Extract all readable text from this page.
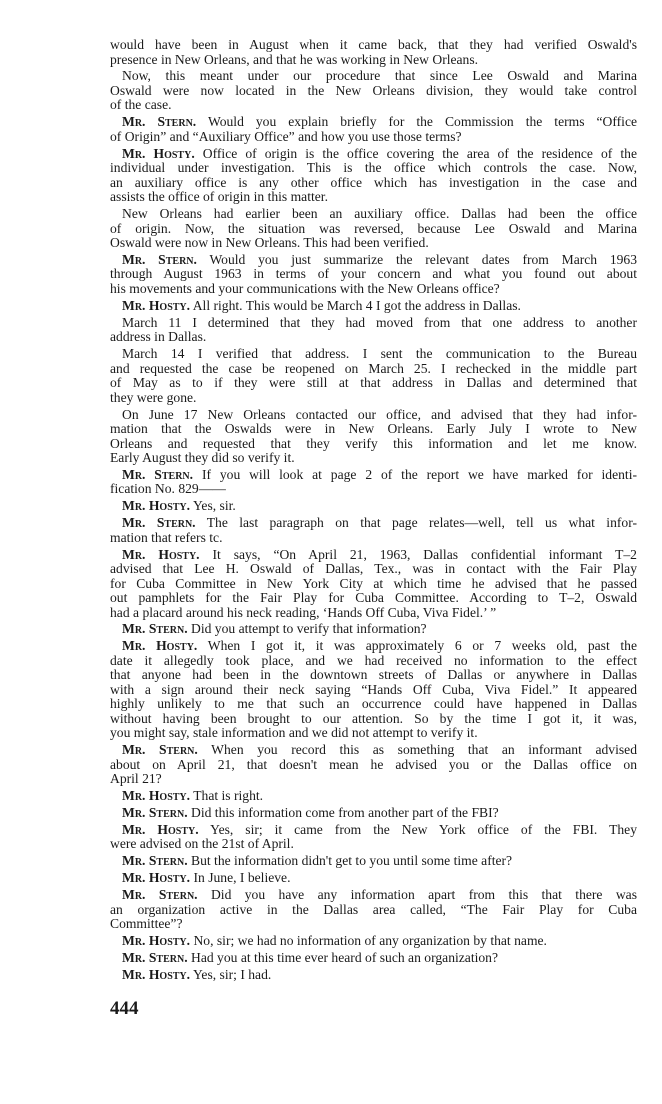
would have been in August when it came back, that they had verified Oswald's
presence in New Orleans, and that he was working in New Orleans.
Now, this meant under our procedure that since Lee Oswald and Marina
Oswald were now located in the New Orleans division, they would take control
of the case.
Mr. Stern. Would you explain briefly for the Commission the terms “Office
of Origin” and “Auxiliary Office” and how you use those terms?
Mr. Hosty. Office of origin is the office covering the area of the residence of the
individual under investigation. This is the office which controls the case. Now,
an auxiliary office is any other office which has investigation in the case and
assists the office of origin in this matter.
New Orleans had earlier been an auxiliary office. Dallas had been the office
of origin. Now, the situation was reversed, because Lee Oswald and Marina
Oswald were now in New Orleans. This had been verified.
Mr. Stern. Would you just summarize the relevant dates from March 1963
through August 1963 in terms of your concern and what you found out about
his movements and your communications with the New Orleans office?
Mr. Hosty. All right. This would be March 4 I got the address in Dallas.
March 11 I determined that they had moved from that one address to another
address in Dallas.
March 14 I verified that address. I sent the communication to the Bureau
and requested the case be reopened on March 25. I rechecked in the middle part
of May as to if they were still at that address in Dallas and determined that
they were gone.
On June 17 New Orleans contacted our office, and advised that they had infor-
mation that the Oswalds were in New Orleans. Early July I wrote to New
Orleans and requested that they verify this information and let me know.
Early August they did so verify it.
Mr. Stern. If you will look at page 2 of the report we have marked for identi-
fication No. 829——
Mr. Hosty. Yes, sir.
Mr. Stern. The last paragraph on that page relates—well, tell us what infor-
mation that refers tc.
Mr. Hosty. It says, “On April 21, 1963, Dallas confidential informant T–2
advised that Lee H. Oswald of Dallas, Tex., was in contact with the Fair Play
for Cuba Committee in New York City at which time he advised that he passed
out pamphlets for the Fair Play for Cuba Committee. According to T–2, Oswald
had a placard around his neck reading, ‘Hands Off Cuba, Viva Fidel.’ ”
Mr. Stern. Did you attempt to verify that information?
Mr. Hosty. When I got it, it was approximately 6 or 7 weeks old, past the
date it allegedly took place, and we had received no information to the effect
that anyone had been in the downtown streets of Dallas or anywhere in Dallas
with a sign around their neck saying “Hands Off Cuba, Viva Fidel.” It appeared
highly unlikely to me that such an occurrence could have happened in Dallas
without having been brought to our attention. So by the time I got it, it was,
you might say, stale information and we did not attempt to verify it.
Mr. Stern. When you record this as something that an informant advised
about on April 21, that doesn't mean he advised you or the Dallas office on
April 21?
Mr. Hosty. That is right.
Mr. Stern. Did this information come from another part of the FBI?
Mr. Hosty. Yes, sir; it came from the New York office of the FBI. They
were advised on the 21st of April.
Mr. Stern. But the information didn't get to you until some time after?
Mr. Hosty. In June, I believe.
Mr. Stern. Did you have any information apart from this that there was
an organization active in the Dallas area called, “The Fair Play for Cuba
Committee”?
Mr. Hosty. No, sir; we had no information of any organization by that name.
Mr. Stern. Had you at this time ever heard of such an organization?
Mr. Hosty. Yes, sir; I had.
444
